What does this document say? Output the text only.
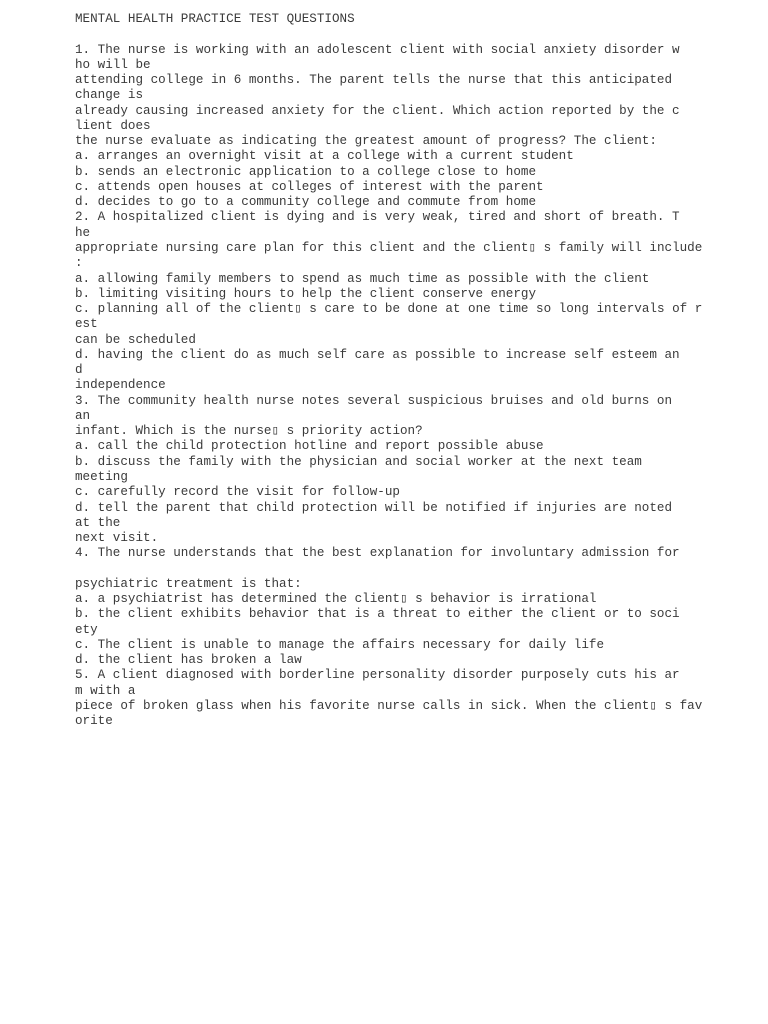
MENTAL HEALTH PRACTICE TEST QUESTIONS
1. The nurse is working with an adolescent client with social anxiety disorder w
ho will be
attending college in 6 months. The parent tells the nurse that this anticipated
change is
already causing increased anxiety for the client. Which action reported by the c
lient does
the nurse evaluate as indicating the greatest amount of progress? The client:
a. arranges an overnight visit at a college with a current student
b. sends an electronic application to a college close to home
c. attends open houses at colleges of interest with the parent
d. decides to go to a community college and commute from home
2. A hospitalized client is dying and is very weak, tired and short of breath. T
he
appropriate nursing care plan for this client and the client▯ s family will include
:
a. allowing family members to spend as much time as possible with the client
b. limiting visiting hours to help the client conserve energy
c. planning all of the client▯ s care to be done at one time so long intervals of r
est
can be scheduled
d. having the client do as much self care as possible to increase self esteem an
d
independence
3. The community health nurse notes several suspicious bruises and old burns on
an
infant. Which is the nurse▯ s priority action?
a. call the child protection hotline and report possible abuse
b. discuss the family with the physician and social worker at the next team
meeting
c. carefully record the visit for follow-up
d. tell the parent that child protection will be notified if injuries are noted
at the
next visit.
4. The nurse understands that the best explanation for involuntary admission for
psychiatric treatment is that:
a. a psychiatrist has determined the client▯ s behavior is irrational
b. the client exhibits behavior that is a threat to either the client or to soci
ety
c. The client is unable to manage the affairs necessary for daily life
d. the client has broken a law
5. A client diagnosed with borderline personality disorder purposely cuts his ar
m with a
piece of broken glass when his favorite nurse calls in sick. When the client▯ s fav
orite
